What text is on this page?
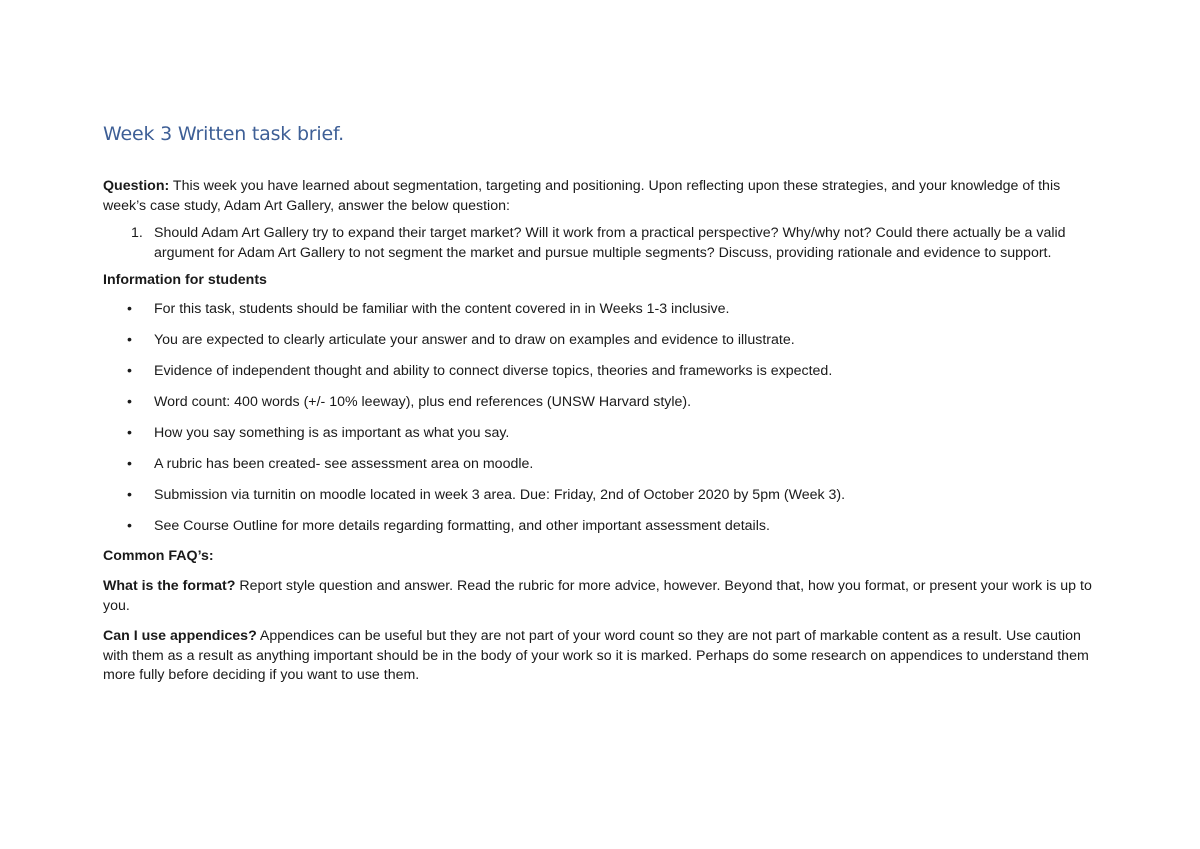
Week 3 Written task brief.

Question: This week you have learned about segmentation, targeting and positioning. Upon reflecting upon these strategies, and your knowledge of this week’s case study, Adam Art Gallery, answer the below question:

1. Should Adam Art Gallery try to expand their target market? Will it work from a practical perspective? Why/why not? Could there actually be a valid argument for Adam Art Gallery to not segment the market and pursue multiple segments? Discuss, providing rationale and evidence to support.

Information for students

• For this task, students should be familiar with the content covered in in Weeks 1-3 inclusive.
• You are expected to clearly articulate your answer and to draw on examples and evidence to illustrate.
• Evidence of independent thought and ability to connect diverse topics, theories and frameworks is expected.
• Word count: 400 words (+/- 10% leeway), plus end references (UNSW Harvard style).
• How you say something is as important as what you say.
• A rubric has been created- see assessment area on moodle.
• Submission via turnitin on moodle located in week 3 area. Due: Friday, 2nd of October 2020 by 5pm (Week 3).
• See Course Outline for more details regarding formatting, and other important assessment details.

Common FAQ’s:

What is the format? Report style question and answer. Read the rubric for more advice, however. Beyond that, how you format, or present your work is up to you.

Can I use appendices? Appendices can be useful but they are not part of your word count so they are not part of markable content as a result. Use caution with them as a result as anything important should be in the body of your work so it is marked. Perhaps do some research on appendices to understand them more fully before deciding if you want to use them.
